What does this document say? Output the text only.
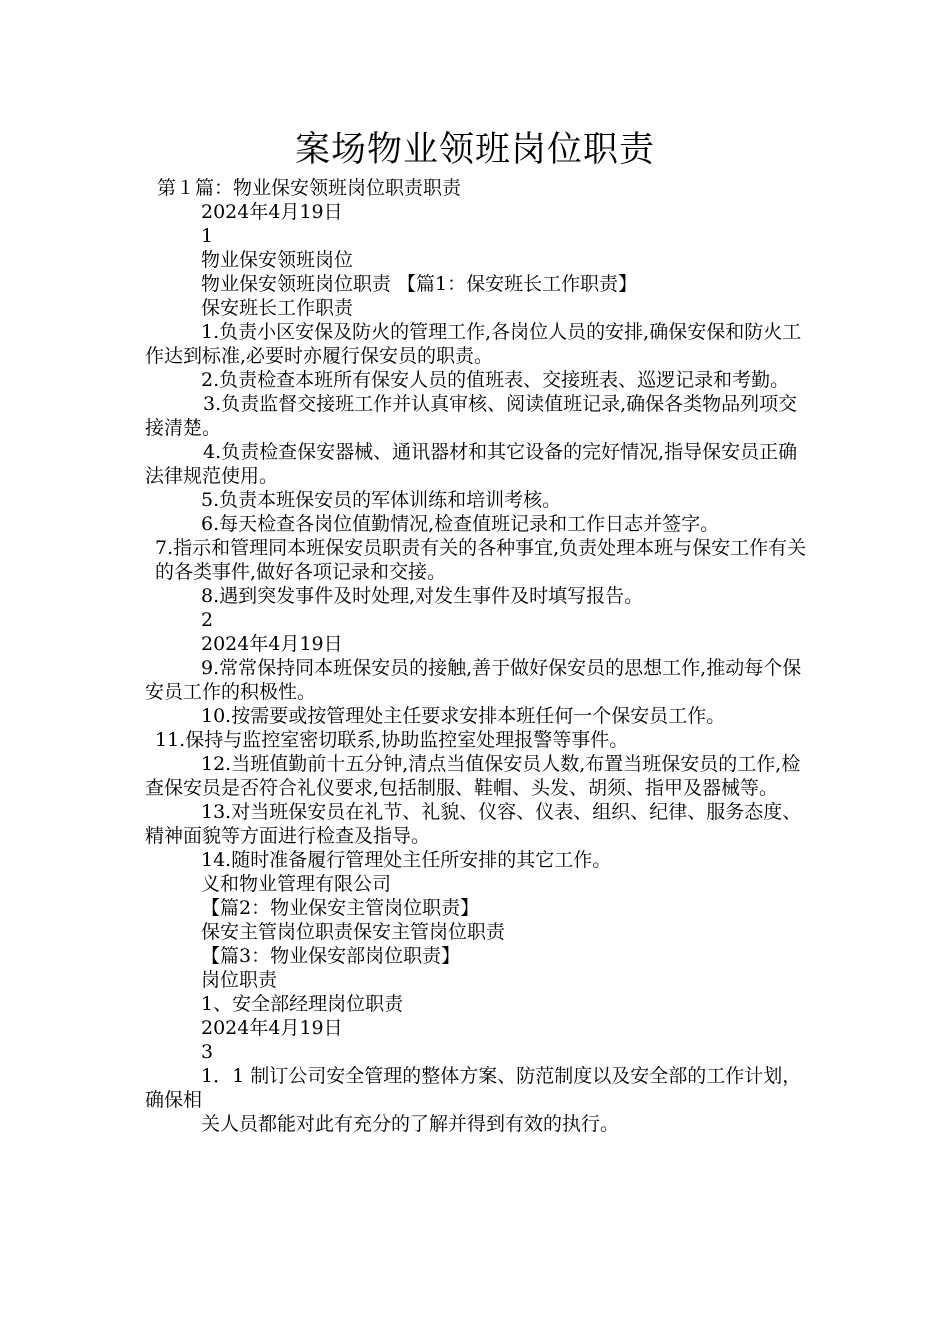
案场物业领班岗位职责

第１篇：物业保安领班岗位职责职责

2024年4月19日

1

物业保安领班岗位

物业保安领班岗位职责 【篇1：保安班长工作职责】

保安班长工作职责

1.负责小区安保及防火的管理工作,各岗位人员的安排,确保安保和防火工作达到标准,必要时亦履行保安员的职责。

2.负责检查本班所有保安人员的值班表、交接班表、巡逻记录和考勤。

3.负责监督交接班工作并认真审核、阅读值班记录,确保各类物品列项交接清楚。

4.负责检查保安器械、通讯器材和其它设备的完好情况,指导保安员正确法律规范使用。

5.负责本班保安员的军体训练和培训考核。

6.每天检查各岗位值勤情况,检查值班记录和工作日志并签字。

7.指示和管理同本班保安员职责有关的各种事宜,负责处理本班与保安工作有关的各类事件,做好各项记录和交接。

8.遇到突发事件及时处理,对发生事件及时填写报告。

2

2024年4月19日

9.常常保持同本班保安员的接触,善于做好保安员的思想工作,推动每个保安员工作的积极性。

10.按需要或按管理处主任要求安排本班任何一个保安员工作。

11.保持与监控室密切联系,协助监控室处理报警等事件。

12.当班值勤前十五分钟,清点当值保安员人数,布置当班保安员的工作,检查保安员是否符合礼仪要求,包括制服、鞋帽、头发、胡须、指甲及器械等。

13.对当班保安员在礼节、礼貌、仪容、仪表、组织、纪律、服务态度、精神面貌等方面进行检查及指导。

14.随时准备履行管理处主任所安排的其它工作。

义和物业管理有限公司

【篇2：物业保安主管岗位职责】

保安主管岗位职责保安主管岗位职责

【篇3：物业保安部岗位职责】

岗位职责

1、安全部经理岗位职责

2024年4月19日

3

1．1 制订公司安全管理的整体方案、防范制度以及安全部的工作计划，确保相

关人员都能对此有充分的了解并得到有效的执行。
